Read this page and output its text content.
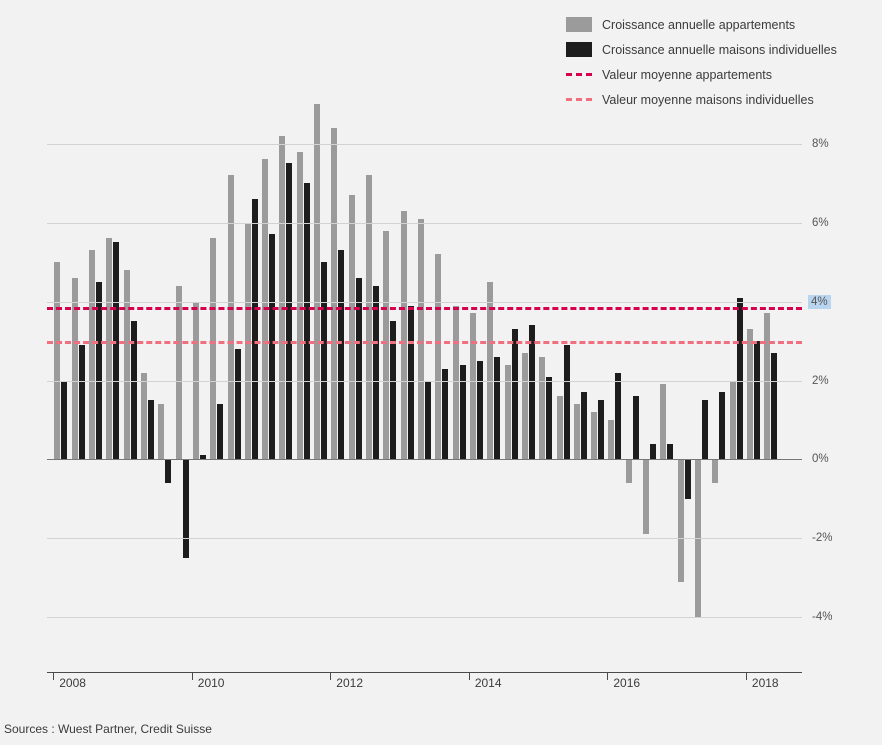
Croissance annuelle appartements
Croissance annuelle maisons individuelles
Valeur moyenne appartements
Valeur moyenne maisons individuelles
8%
6%
4%
2%
0%
-2%
-4%
2008	2010	2012	2014	2016	2018
Sources : Wuest Partner, Credit Suisse
